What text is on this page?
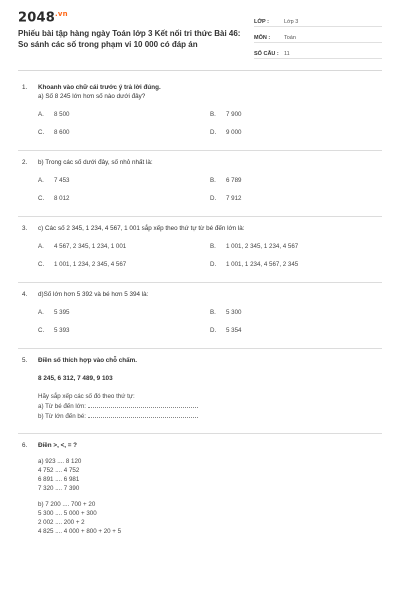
$2048^{.vn}$
Phiếu bài tập hàng ngày Toán lớp 3 Kết nối tri thức Bài 46:
So sánh các số trong phạm vi 10 000 có đáp án
LỚP :	Lớp 3
MÔN :	Toán
SỐ CÂU : 11
1.	Khoanh vào chữ cái trước ý trả lời đúng.
a) Số 8 245 lớn hơn số nào dưới đây?
A.	8 500	B.	7 900
C.	8 600	D.	9 000
2.	b) Trong các số dưới đây, số nhỏ nhất là:
A.	7 453	B.	6 789
C.	8 012	D.	7 912
3.	c) Các số 2 345, 1 234, 4 567, 1 001 sắp xếp theo thứ tự từ bé đến lớn là:
A.	4 567, 2 345, 1 234, 1 001	B.	1 001, 2 345, 1 234, 4 567
C.	1 001, 1 234, 2 345, 4 567	D.	1 001, 1 234, 4 567, 2 345
4.	d)Số lớn hơn 5 392 và bé hơn 5 394 là:
A.	5 395	B.	5 300
C.	5 393	D.	5 354
5.	Điền số thích hợp vào chỗ chấm.
8 245, 6 312, 7 489, 9 103
Hãy sắp xếp các số đó theo thứ tự:
a) Từ bé đến lớn:
b) Từ lớn đến bé:
6.	Điền >, <, = ?
a) 923 .... 8 120
4 752 .... 4 752
6 891 .... 6 981
7 320 .... 7 390
b) 7 200 .... 700 + 20
5 300 .... 5 000 + 300
2 002 .... 200 + 2
4 825 .... 4 000 + 800 + 20 + 5
